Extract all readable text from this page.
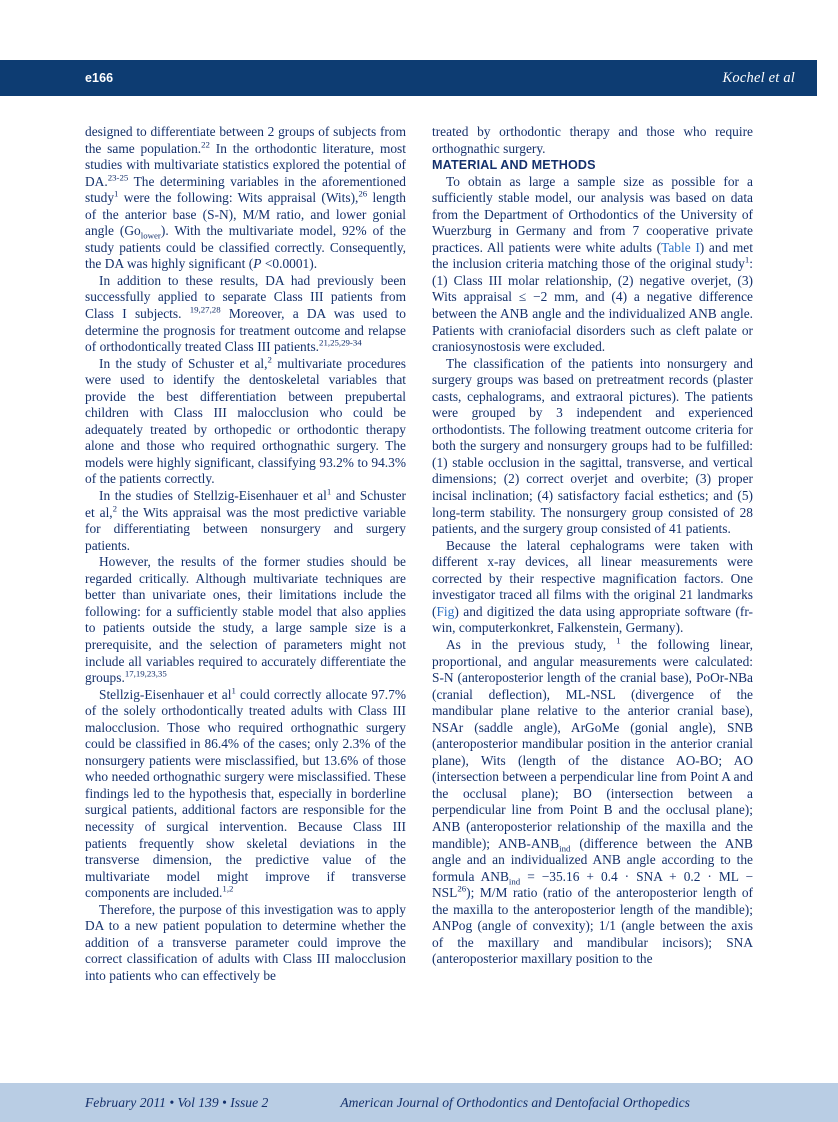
e166	Kochel et al

designed to differentiate between 2 groups of subjects from the same population.$^{22}$ In the orthodontic literature, most studies with multivariate statistics explored the potential of DA.$^{23-25}$ The determining variables in the aforementioned study$^1$ were the following: Wits appraisal (Wits),$^{26}$ length of the anterior base (S-N), M/M ratio, and lower gonial angle $(Go_{lower})$. With the multivariate model, 92% of the study patients could be classified correctly. Consequently, the DA was highly significant (P <0.0001).

In addition to these results, DA had previously been successfully applied to separate Class III patients from Class I subjects. $^{19,27,28}$ Moreover, a DA was used to determine the prognosis for treatment outcome and relapse of orthodontically treated Class III patients.$^{21,25,29-34}$

In the study of Schuster et al,$^2$ multivariate procedures were used to identify the dentoskeletal variables that provide the best differentiation between prepubertal children with Class III malocclusion who could be adequately treated by orthopedic or orthodontic therapy alone and those who required orthognathic surgery. The models were highly significant, classifying 93.2% to 94.3% of the patients correctly.

In the studies of Stellzig-Eisenhauer et $al^1$ and Schuster et al,$^2$ the Wits appraisal was the most predictive variable for differentiating between nonsurgery and surgery patients.

However, the results of the former studies should be regarded critically. Although multivariate techniques are better than univariate ones, their limitations include the following: for a sufficiently stable model that also applies to patients outside the study, a large sample size is a prerequisite, and the selection of parameters might not include all variables required to accurately differentiate the groups.$^{17,19,23,35}$

Stellzig-Eisenhauer et $al^1$ could correctly allocate 97.7% of the solely orthodontically treated adults with Class III malocclusion. Those who required orthognathic surgery could be classified in 86.4% of the cases; only 2.3% of the nonsurgery patients were misclassified, but 13.6% of those who needed orthognathic surgery were misclassified. These findings led to the hypothesis that, especially in borderline surgical patients, additional factors are responsible for the necessity of surgical intervention. Because Class III patients frequently show skeletal deviations in the transverse dimension, the predictive value of the multivariate model might improve if transverse components are included.$^{1,2}$

Therefore, the purpose of this investigation was to apply DA to a new patient population to determine whether the addition of a transverse parameter could improve the correct classification of adults with Class III malocclusion into patients who can effectively be

treated by orthodontic therapy and those who require orthognathic surgery.

MATERIAL AND METHODS

To obtain as large a sample size as possible for a sufficiently stable model, our analysis was based on data from the Department of Orthodontics of the University of Wuerzburg in Germany and from 7 cooperative private practices. All patients were white adults (Table I) and met the inclusion criteria matching those of the original study$^1$: (1) Class III molar relationship, (2) negative overjet, (3) Wits appraisal ≤ −2 mm, and (4) a negative difference between the ANB angle and the individualized ANB angle. Patients with craniofacial disorders such as cleft palate or craniosynostosis were excluded.

The classification of the patients into nonsurgery and surgery groups was based on pretreatment records (plaster casts, cephalograms, and extraoral pictures). The patients were grouped by 3 independent and experienced orthodontists. The following treatment outcome criteria for both the surgery and nonsurgery groups had to be fulfilled: (1) stable occlusion in the sagittal, transverse, and vertical dimensions; (2) correct overjet and overbite; (3) proper incisal inclination; (4) satisfactory facial esthetics; and (5) long-term stability. The nonsurgery group consisted of 28 patients, and the surgery group consisted of 41 patients.

Because the lateral cephalograms were taken with different x-ray devices, all linear measurements were corrected by their respective magnification factors. One investigator traced all films with the original 21 landmarks (Fig) and digitized the data using appropriate software (fr-win, computerkonkret, Falkenstein, Germany).

As in the previous study, $^1$ the following linear, proportional, and angular measurements were calculated: S-N (anteroposterior length of the cranial base), PoOr-NBa (cranial deflection), ML-NSL (divergence of the mandibular plane relative to the anterior cranial base), NSAr (saddle angle), ArGoMe (gonial angle), SNB (anteroposterior mandibular position in the anterior cranial plane), Wits (length of the distance AO-BO; AO (intersection between a perpendicular line from Point A and the occlusal plane); BO (intersection between a perpendicular line from Point B and the occlusal plane); ANB (anteroposterior relationship of the maxilla and the mandible); ANB-$ANB_{ind}$ (difference between the ANB angle and an individualized ANB angle according to the formula $ANB_{ind} = -35.16 + 0.4$ · SNA + 0.2 · ML − $NSL^{26}$); M/M ratio (ratio of the anteroposterior length of the maxilla to the anteroposterior length of the mandible); ANPog (angle of convexity); 1/1 (angle between the axis of the maxillary and mandibular incisors); SNA (anteroposterior maxillary position to the

February 2011 • Vol 139 • Issue 2	American Journal of Orthodontics and Dentofacial Orthopedics
